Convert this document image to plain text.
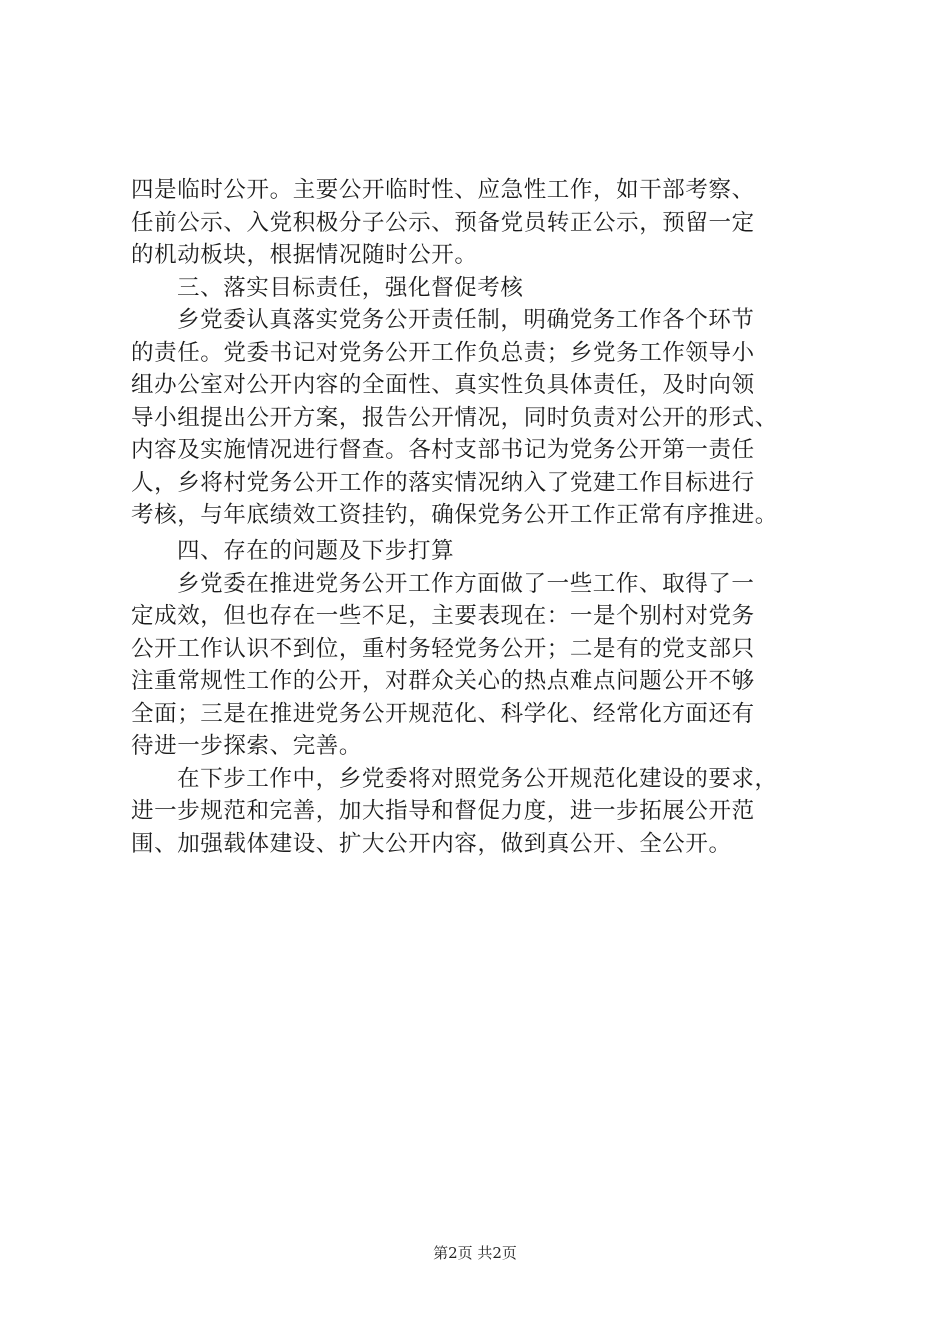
四是临时公开。主要公开临时性、应急性工作，如干部考察、
任前公示、入党积极分子公示、预备党员转正公示，预留一定
的机动板块，根据情况随时公开。
三、落实目标责任，强化督促考核
乡党委认真落实党务公开责任制，明确党务工作各个环节
的责任。党委书记对党务公开工作负总责；乡党务工作领导小
组办公室对公开内容的全面性、真实性负具体责任，及时向领
导小组提出公开方案，报告公开情况，同时负责对公开的形式、
内容及实施情况进行督查。各村支部书记为党务公开第一责任
人，乡将村党务公开工作的落实情况纳入了党建工作目标进行
考核，与年底绩效工资挂钓，确保党务公开工作正常有序推进。
四、存在的问题及下步打算
乡党委在推进党务公开工作方面做了一些工作、取得了一
定成效，但也存在一些不足，主要表现在：一是个别村对党务
公开工作认识不到位，重村务轻党务公开；二是有的党支部只
注重常规性工作的公开，对群众关心的热点难点问题公开不够
全面；三是在推进党务公开规范化、科学化、经常化方面还有
待进一步探索、完善。
在下步工作中，乡党委将对照党务公开规范化建设的要求，
进一步规范和完善，加大指导和督促力度，进一步拓展公开范
围、加强载体建设、扩大公开内容，做到真公开、全公开。
第2页 共2页
